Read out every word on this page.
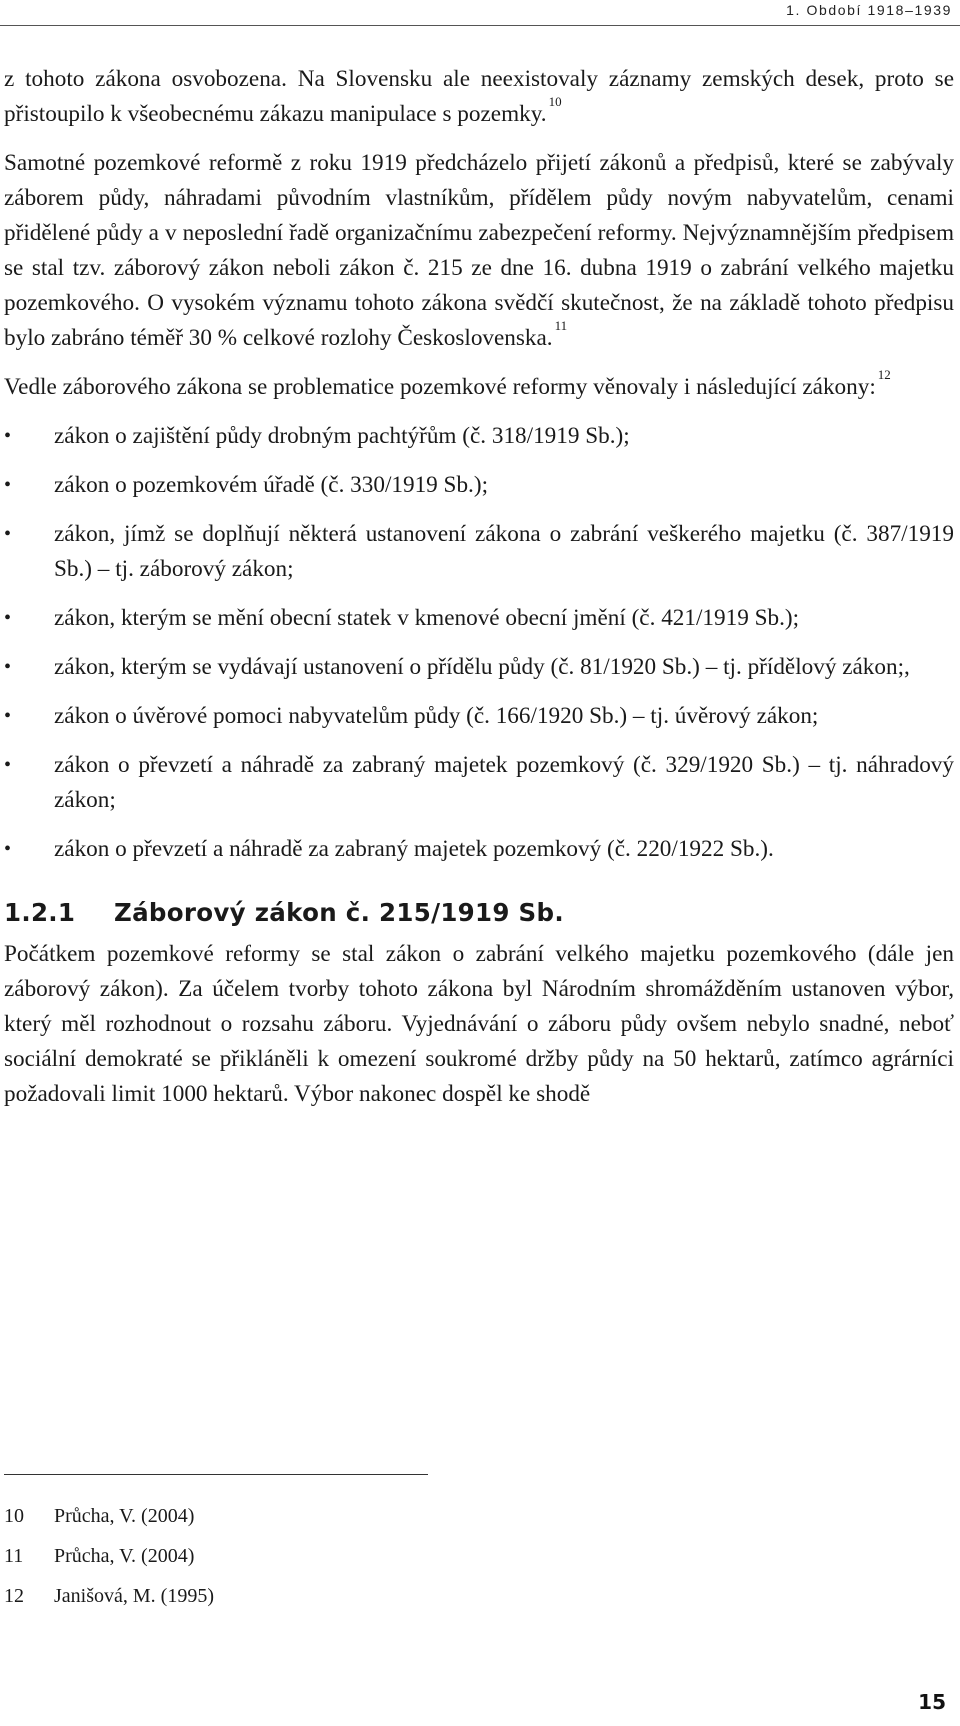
1. Období 1918–1939

z tohoto zákona osvobozena. Na Slovensku ale neexistovaly záznamy zemských desek, proto se přistoupilo k všeobecnému zákazu manipulace s pozemky. $^{10}$

Samotné pozemkové reformě z roku 1919 předcházelo přijetí zákonů a předpisů, které se zabývaly záborem půdy, náhradami původním vlastníkům, přídělem půdy novým nabyvatelům, cenami přidělené půdy a v neposlední řadě organizačnímu zabezpečení reformy. Nejvýznamnějším předpisem se stal tzv. záborový zákon neboli zákon č. 215 ze dne 16. dubna 1919 o zabrání velkého majetku pozemkového. O vysokém významu tohoto zákona svědčí skutečnost, že na základě tohoto předpisu bylo zabráno téměř 30 % celkové rozlohy Československa. $^{11}$

Vedle záborového zákona se problematice pozemkové reformy věnovaly i následující zákony: $^{12}$

•	zákon o zajištění půdy drobným pachtýřům (č. 318/1919 Sb.);
•	zákon o pozemkovém úřadě (č. 330/1919 Sb.);
•	zákon, jímž se doplňují některá ustanovení zákona o zabrání veškerého majetku (č. 387/1919 Sb.) – tj. záborový zákon;
•	zákon, kterým se mění obecní statek v kmenové obecní jmění (č. 421/1919 Sb.);
•	zákon, kterým se vydávají ustanovení o přídělu půdy (č. 81/1920 Sb.) – tj. přídělový zákon;,
•	zákon o úvěrové pomoci nabyvatelům půdy (č. 166/1920 Sb.) – tj. úvěrový zákon;
•	zákon o převzetí a náhradě za zabraný majetek pozemkový (č. 329/1920 Sb.) – tj. náhradový zákon;
•	zákon o převzetí a náhradě za zabraný majetek pozemkový (č. 220/1922 Sb.).
1.2.1	Záborový zákon č. 215/1919 Sb.

Počátkem pozemkové reformy se stal zákon o zabrání velkého majetku pozemkového (dále jen záborový zákon). Za účelem tvorby tohoto zákona byl Národním shromážděním ustanoven výbor, který měl rozhodnout o rozsahu záboru. Vyjednávání o záboru půdy ovšem nebylo snadné, neboť sociální demokraté se přikláněli k omezení soukromé držby půdy na 50 hektarů, zatímco agrárníci požadovali limit 1000 hektarů. Výbor nakonec dospěl ke shodě

10	Průcha, V. (2004)
11	Průcha, V. (2004)
12	Janišová, M. (1995)
15
